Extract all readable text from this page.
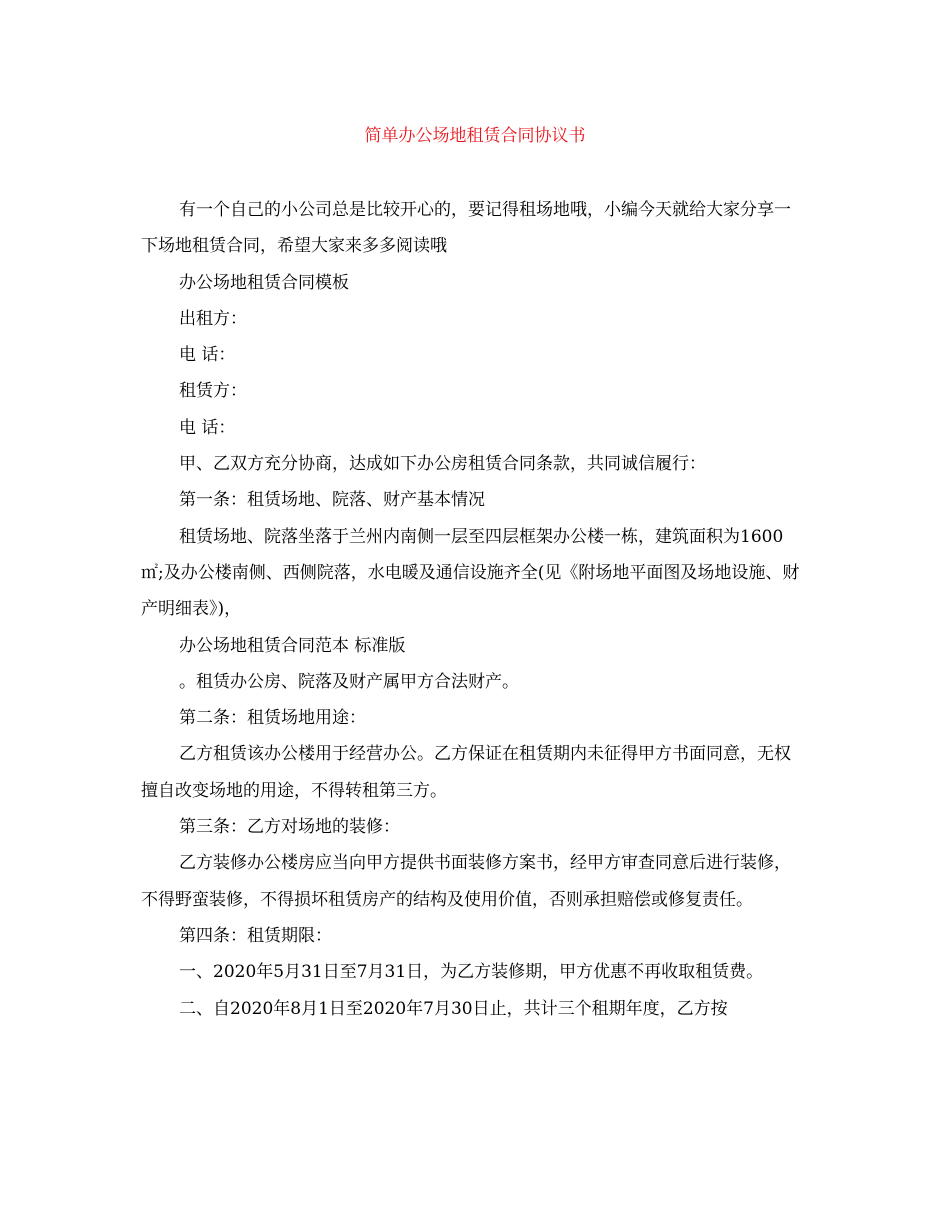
简单办公场地租赁合同协议书

有一个自己的小公司总是比较开心的，要记得租场地哦，小编今天就给大家分享一下场地租赁合同，希望大家来多多阅读哦

办公场地租赁合同模板

出租方：

电 话：

租赁方：

电 话：

甲、乙双方充分协商，达成如下办公房租赁合同条款，共同诚信履行：

第一条：租赁场地、院落、财产基本情况

租赁场地、院落坐落于兰州内南侧一层至四层框架办公楼一栋，建筑面积为1600㎡;及办公楼南侧、西侧院落，水电暖及通信设施齐全(见《附场地平面图及场地设施、财产明细表》)，

办公场地租赁合同范本 标准版

。租赁办公房、院落及财产属甲方合法财产。

第二条：租赁场地用途：

乙方租赁该办公楼用于经营办公。乙方保证在租赁期内未征得甲方书面同意，无权擅自改变场地的用途，不得转租第三方。

第三条：乙方对场地的装修：

乙方装修办公楼房应当向甲方提供书面装修方案书，经甲方审查同意后进行装修，不得野蛮装修，不得损坏租赁房产的结构及使用价值，否则承担赔偿或修复责任。

第四条：租赁期限：

一、2020年5月31日至7月31日，为乙方装修期，甲方优惠不再收取租赁费。

二、自2020年8月1日至2020年7月30日止，共计三个租期年度，乙方按
